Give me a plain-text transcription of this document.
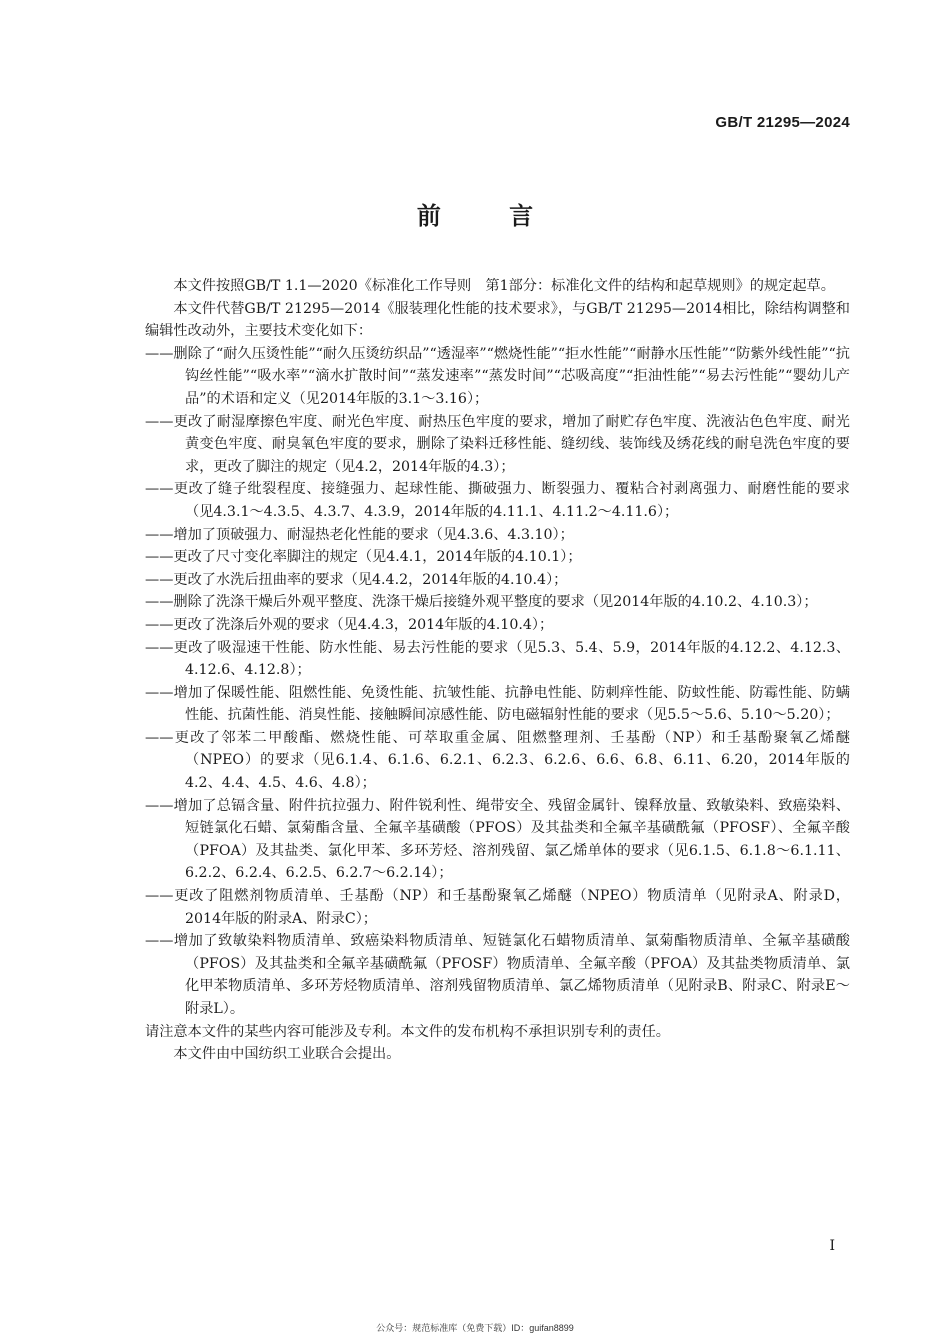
GB/T 21295—2024
前 言

本文件按照GB/T 1.1—2020《标准化工作导则　第1部分：标准化文件的结构和起草规则》的规定起草。

本文件代替GB/T 21295—2014《服装理化性能的技术要求》，与GB/T 21295—2014相比，除结构调整和编辑性改动外，主要技术变化如下：

——删除了“耐久压烫性能”“耐久压烫纺织品”“透湿率”“燃烧性能”“拒水性能”“耐静水压性能”“防紫外线性能”“抗钩丝性能”“吸水率”“滴水扩散时间”“蒸发速率”“蒸发时间”“芯吸高度”“拒油性能”“易去污性能”“婴幼儿产品”的术语和定义（见2014年版的3.1～3.16）；

——更改了耐湿摩擦色牢度、耐光色牢度、耐热压色牢度的要求，增加了耐贮存色牢度、洗液沾色色牢度、耐光黄变色牢度、耐臭氧色牢度的要求，删除了染料迁移性能、缝纫线、装饰线及绣花线的耐皂洗色牢度的要求，更改了脚注的规定（见4.2，2014年版的4.3）；

——更改了缝子纰裂程度、接缝强力、起球性能、撕破强力、断裂强力、覆粘合衬剥离强力、耐磨性能的要求（见4.3.1～4.3.5、4.3.7、4.3.9，2014年版的4.11.1、4.11.2～4.11.6）；

——增加了顶破强力、耐湿热老化性能的要求（见4.3.6、4.3.10）；

——更改了尺寸变化率脚注的规定（见4.4.1，2014年版的4.10.1）；

——更改了水洗后扭曲率的要求（见4.4.2，2014年版的4.10.4）；

——删除了洗涤干燥后外观平整度、洗涤干燥后接缝外观平整度的要求（见2014年版的4.10.2、4.10.3）；

——更改了洗涤后外观的要求（见4.4.3，2014年版的4.10.4）；

——更改了吸湿速干性能、防水性能、易去污性能的要求（见5.3、5.4、5.9，2014年版的4.12.2、4.12.3、4.12.6、4.12.8）；

——增加了保暖性能、阻燃性能、免烫性能、抗皱性能、抗静电性能、防刺痒性能、防蚊性能、防霉性能、防螨性能、抗菌性能、消臭性能、接触瞬间凉感性能、防电磁辐射性能的要求（见5.5～5.6、5.10～5.20）；

——更改了邻苯二甲酸酯、燃烧性能、可萃取重金属、阻燃整理剂、壬基酚（NP）和壬基酚聚氧乙烯醚（NPEO）的要求（见6.1.4、6.1.6、6.2.1、6.2.3、6.2.6、6.6、6.8、6.11、6.20，2014年版的4.2、4.4、4.5、4.6、4.8）；

——增加了总镉含量、附件抗拉强力、附件锐利性、绳带安全、残留金属针、镍释放量、致敏染料、致癌染料、短链氯化石蜡、氯菊酯含量、全氟辛基磺酸（PFOS）及其盐类和全氟辛基磺酰氟（PFOSF）、全氟辛酸（PFOA）及其盐类、氯化甲苯、多环芳烃、溶剂残留、氯乙烯单体的要求（见6.1.5、6.1.8～6.1.11、6.2.2、6.2.4、6.2.5、6.2.7～6.2.14）；

——更改了阻燃剂物质清单、壬基酚（NP）和壬基酚聚氧乙烯醚（NPEO）物质清单（见附录A、附录D，2014年版的附录A、附录C）；

——增加了致敏染料物质清单、致癌染料物质清单、短链氯化石蜡物质清单、氯菊酯物质清单、全氟辛基磺酸（PFOS）及其盐类和全氟辛基磺酰氟（PFOSF）物质清单、全氟辛酸（PFOA）及其盐类物质清单、氯化甲苯物质清单、多环芳烃物质清单、溶剂残留物质清单、氯乙烯物质清单（见附录B、附录C、附录E～附录L）。

请注意本文件的某些内容可能涉及专利。本文件的发布机构不承担识别专利的责任。

本文件由中国纺织工业联合会提出。

I
公众号：规范标准库（免费下载）ID：guifan8899
